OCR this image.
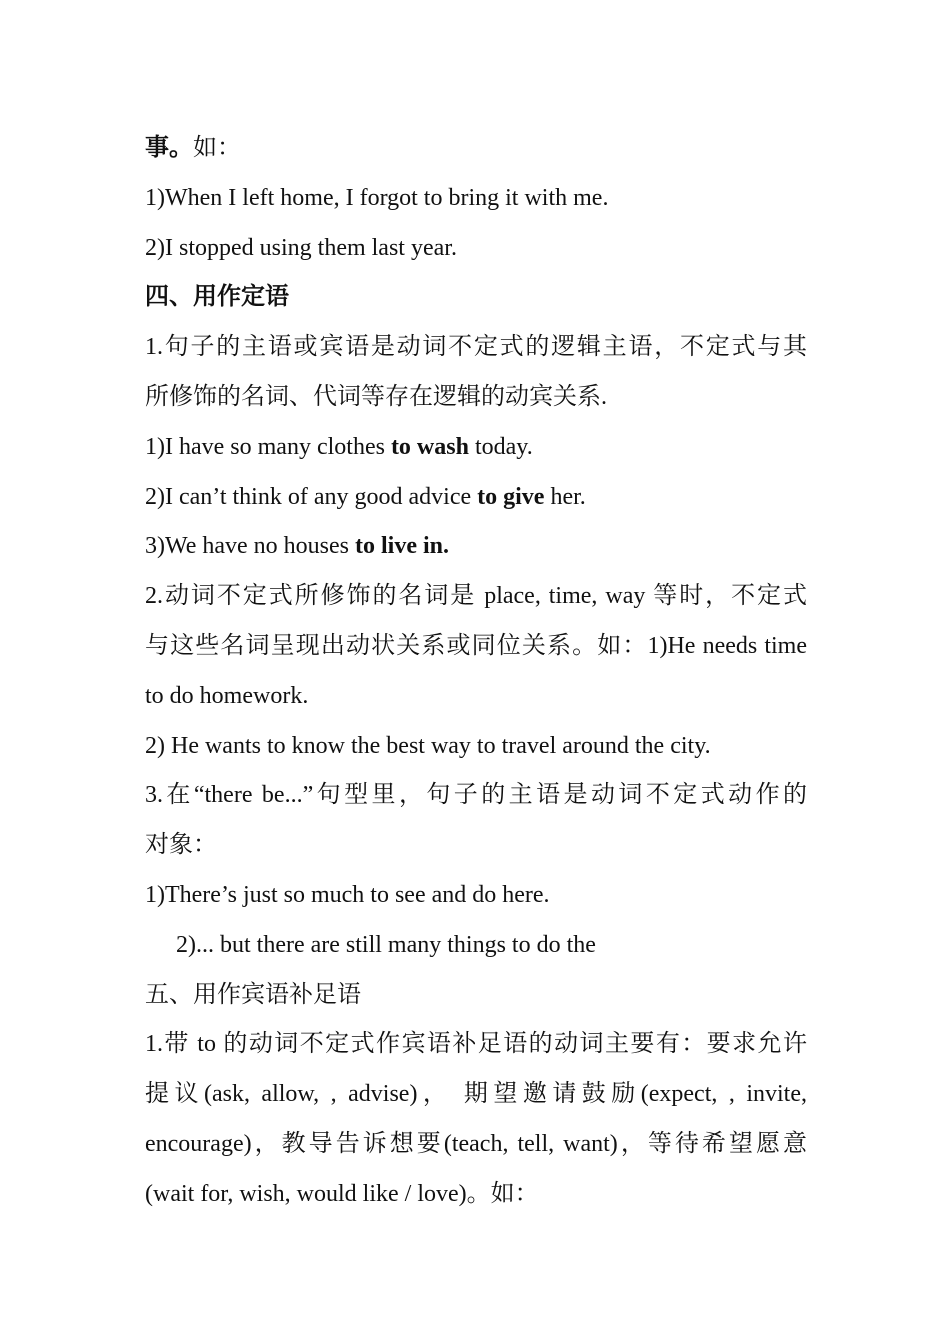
事。如：
1)When I left home, I forgot to bring it with me.
2)I stopped using them last year.
四、用作定语
1.句子的主语或宾语是动词不定式的逻辑主语，不定式与其
所修饰的名词、代词等存在逻辑的动宾关系.
1)I have so many clothes to wash today.
2)I can’t think of any good advice to give her.
3)We have no houses to live in.
2.动词不定式所修饰的名词是 place, time, way 等时，不定式
与这些名词呈现出动状关系或同位关系。如：1)He needs time
to do homework.
2) He wants to know the best way to travel around the city.
3.在“there be...”句型里，句子的主语是动词不定式动作的
对象：
1)There’s just so much to see and do here.
2)... but there are still many things to do the
五、用作宾语补足语
1.带 to 的动词不定式作宾语补足语的动词主要有：要求允许
提议(ask, allow, , advise)， 期望邀请鼓励(expect, , invite,
encourage)，教导告诉想要(teach, tell, want)，等待希望愿意
(wait for, wish, would like / love)。如：
